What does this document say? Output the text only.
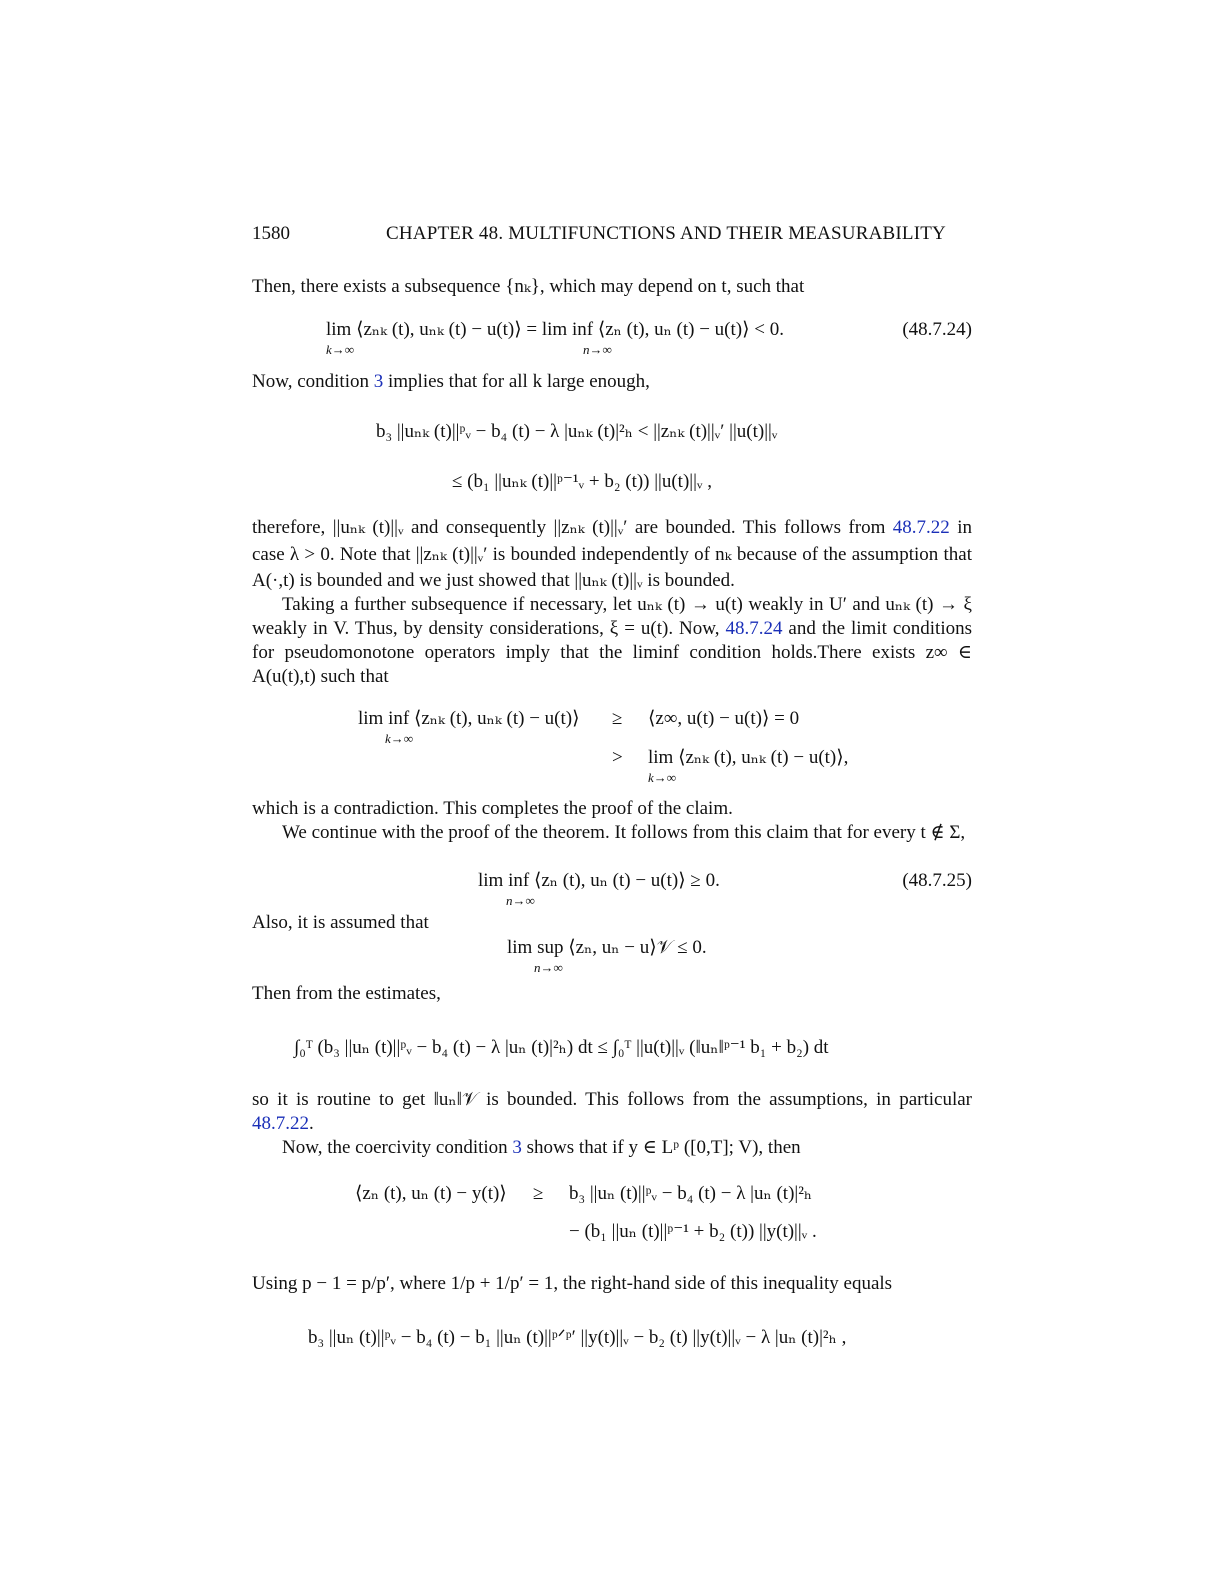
1580	CHAPTER 48. MULTIFUNCTIONS AND THEIR MEASURABILITY
Then, there exists a subsequence {nₖ}, which may depend on t, such that
lim ⟨zₙₖ (t), uₙₖ (t) − u(t)⟩ = lim inf ⟨zₙ (t), uₙ (t) − u(t)⟩ < 0.
k→∞	n→∞
(48.7.24)
Now, condition 3 implies that for all k large enough,
b₃ ||uₙₖ (t)||ᵖᵥ − b₄ (t) − λ |uₙₖ (t)|²ₕ < ||zₙₖ (t)||ᵥ′ ||u(t)||ᵥ
≤ (b₁ ||uₙₖ (t)||ᵖ⁻¹ᵥ + b₂ (t)) ||u(t)||ᵥ ,
therefore, ||uₙₖ (t)||ᵥ and consequently ||zₙₖ (t)||ᵥ′ are bounded. This follows from 48.7.22 in case λ > 0. Note that ||zₙₖ (t)||ᵥ′ is bounded independently of nₖ because of the assumption that A(·,t) is bounded and we just showed that ||uₙₖ (t)||ᵥ is bounded.
Taking a further subsequence if necessary, let uₙₖ (t) → u(t) weakly in U′ and uₙₖ (t) → ξ weakly in V. Thus, by density considerations, ξ = u(t). Now, 48.7.24 and the limit conditions for pseudomonotone operators imply that the liminf condition holds.There exists z∞ ∈ A(u(t),t) such that
lim inf ⟨zₙₖ (t), uₙₖ (t) − u(t)⟩
k→∞
≥ ⟨z∞, u(t) − u(t)⟩ = 0
> lim ⟨zₙₖ (t), uₙₖ (t) − u(t)⟩,
k→∞
which is a contradiction. This completes the proof of the claim.
We continue with the proof of the theorem. It follows from this claim that for every t ∉ Σ,
lim inf ⟨zₙ (t), uₙ (t) − u(t)⟩ ≥ 0.
n→∞
(48.7.25)
Also, it is assumed that
lim sup ⟨zₙ, uₙ − u⟩𝒱 ≤ 0.
n→∞
Then from the estimates,
∫₀ᵀ (b₃ ||uₙ (t)||ᵖᵥ − b₄ (t) − λ |uₙ (t)|²ₕ) dt ≤ ∫₀ᵀ ||u(t)||ᵥ (‖uₙ‖ᵖ⁻¹ b₁ + b₂) dt
so it is routine to get ‖uₙ‖𝒱 is bounded. This follows from the assumptions, in particular 48.7.22.
Now, the coercivity condition 3 shows that if y ∈ Lᵖ ([0,T]; V), then
⟨zₙ (t), uₙ (t) − y(t)⟩ ≥ b₃ ||uₙ (t)||ᵖᵥ − b₄ (t) − λ |uₙ (t)|²ₕ
− (b₁ ||uₙ (t)||ᵖ⁻¹ + b₂ (t)) ||y(t)||ᵥ .
Using p − 1 = p/p′, where 1/p + 1/p′ = 1, the right-hand side of this inequality equals
b₃ ||uₙ (t)||ᵖᵥ − b₄ (t) − b₁ ||uₙ (t)||ᵖᐟᵖ′ ||y(t)||ᵥ − b₂ (t) ||y(t)||ᵥ − λ |uₙ (t)|²ₕ ,
